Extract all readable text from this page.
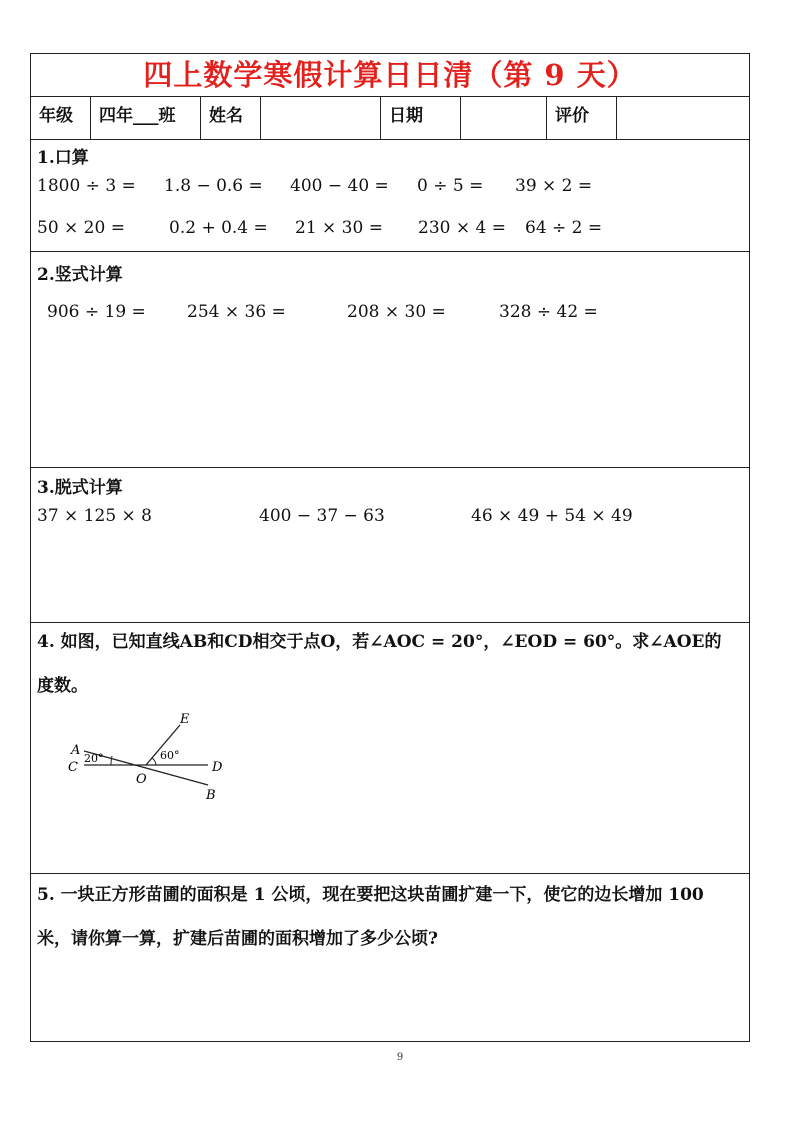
四上数学寒假计算日日清（第 9 天）
年级	四年___班	姓名	日期	评价
1.口算
1800 ÷ 3 = 1.8 − 0.6 = 400 − 40 = 0 ÷ 5 = 39 × 2 =
50 × 20 =	0.2 + 0.4 = 21 × 30 = 230 × 4 = 64 ÷ 2 =
2.竖式计算
906 ÷ 19 = 254 × 36 =	208 × 30 =	328 ÷ 42 =
3.脱式计算
37 × 125 × 8	400 − 37 − 63	46 × 49 + 54 × 49
4. 如图，已知直线AB和CD相交于点O，若∠AOC = 20°，∠EOD = 60°。求∠AOE的
度数。
A
C
O
E
D
B
20°	60°
5. 一块正方形苗圃的面积是 1 公顷，现在要把这块苗圃扩建一下，使它的边长增加 100
米，请你算一算，扩建后苗圃的面积增加了多少公顷?
9
